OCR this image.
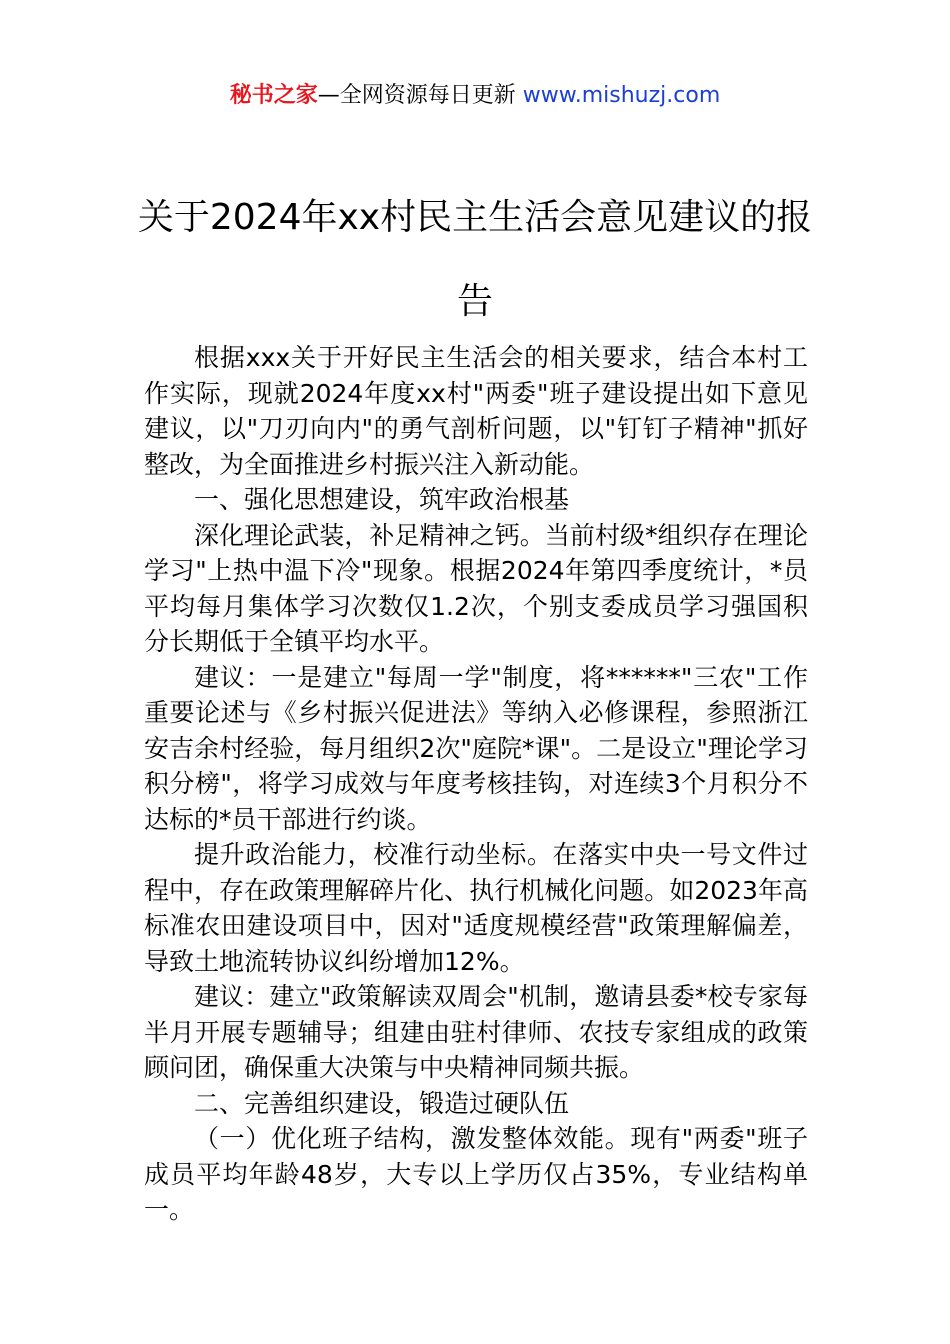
秘书之家—全网资源每日更新 www.mishuzj.com
关于2024年xx村民主生活会意见建议的报告

根据xxx关于开好民主生活会的相关要求，结合本村工作实际，现就2024年度xx村"两委"班子建设提出如下意见建议，以"刀刃向内"的勇气剖析问题，以"钉钉子精神"抓好整改，为全面推进乡村振兴注入新动能。

一、强化思想建设，筑牢政治根基

深化理论武装，补足精神之钙。当前村级*组织存在理论学习"上热中温下冷"现象。根据2024年第四季度统计，*员平均每月集体学习次数仅1.2次，个别支委成员学习强国积分长期低于全镇平均水平。

建议：一是建立"每周一学"制度，将******"三农"工作重要论述与《乡村振兴促进法》等纳入必修课程，参照浙江安吉余村经验，每月组织2次"庭院*课"。二是设立"理论学习积分榜"，将学习成效与年度考核挂钩，对连续3个月积分不达标的*员干部进行约谈。

提升政治能力，校准行动坐标。在落实中央一号文件过程中，存在政策理解碎片化、执行机械化问题。如2023年高标准农田建设项目中，因对"适度规模经营"政策理解偏差，导致土地流转协议纠纷增加12%。

建议：建立"政策解读双周会"机制，邀请县委*校专家每半月开展专题辅导；组建由驻村律师、农技专家组成的政策顾问团，确保重大决策与中央精神同频共振。

二、完善组织建设，锻造过硬队伍

（一）优化班子结构，激发整体效能。现有"两委"班子成员平均年龄48岁，大专以上学历仅占35%，专业结构单一。
